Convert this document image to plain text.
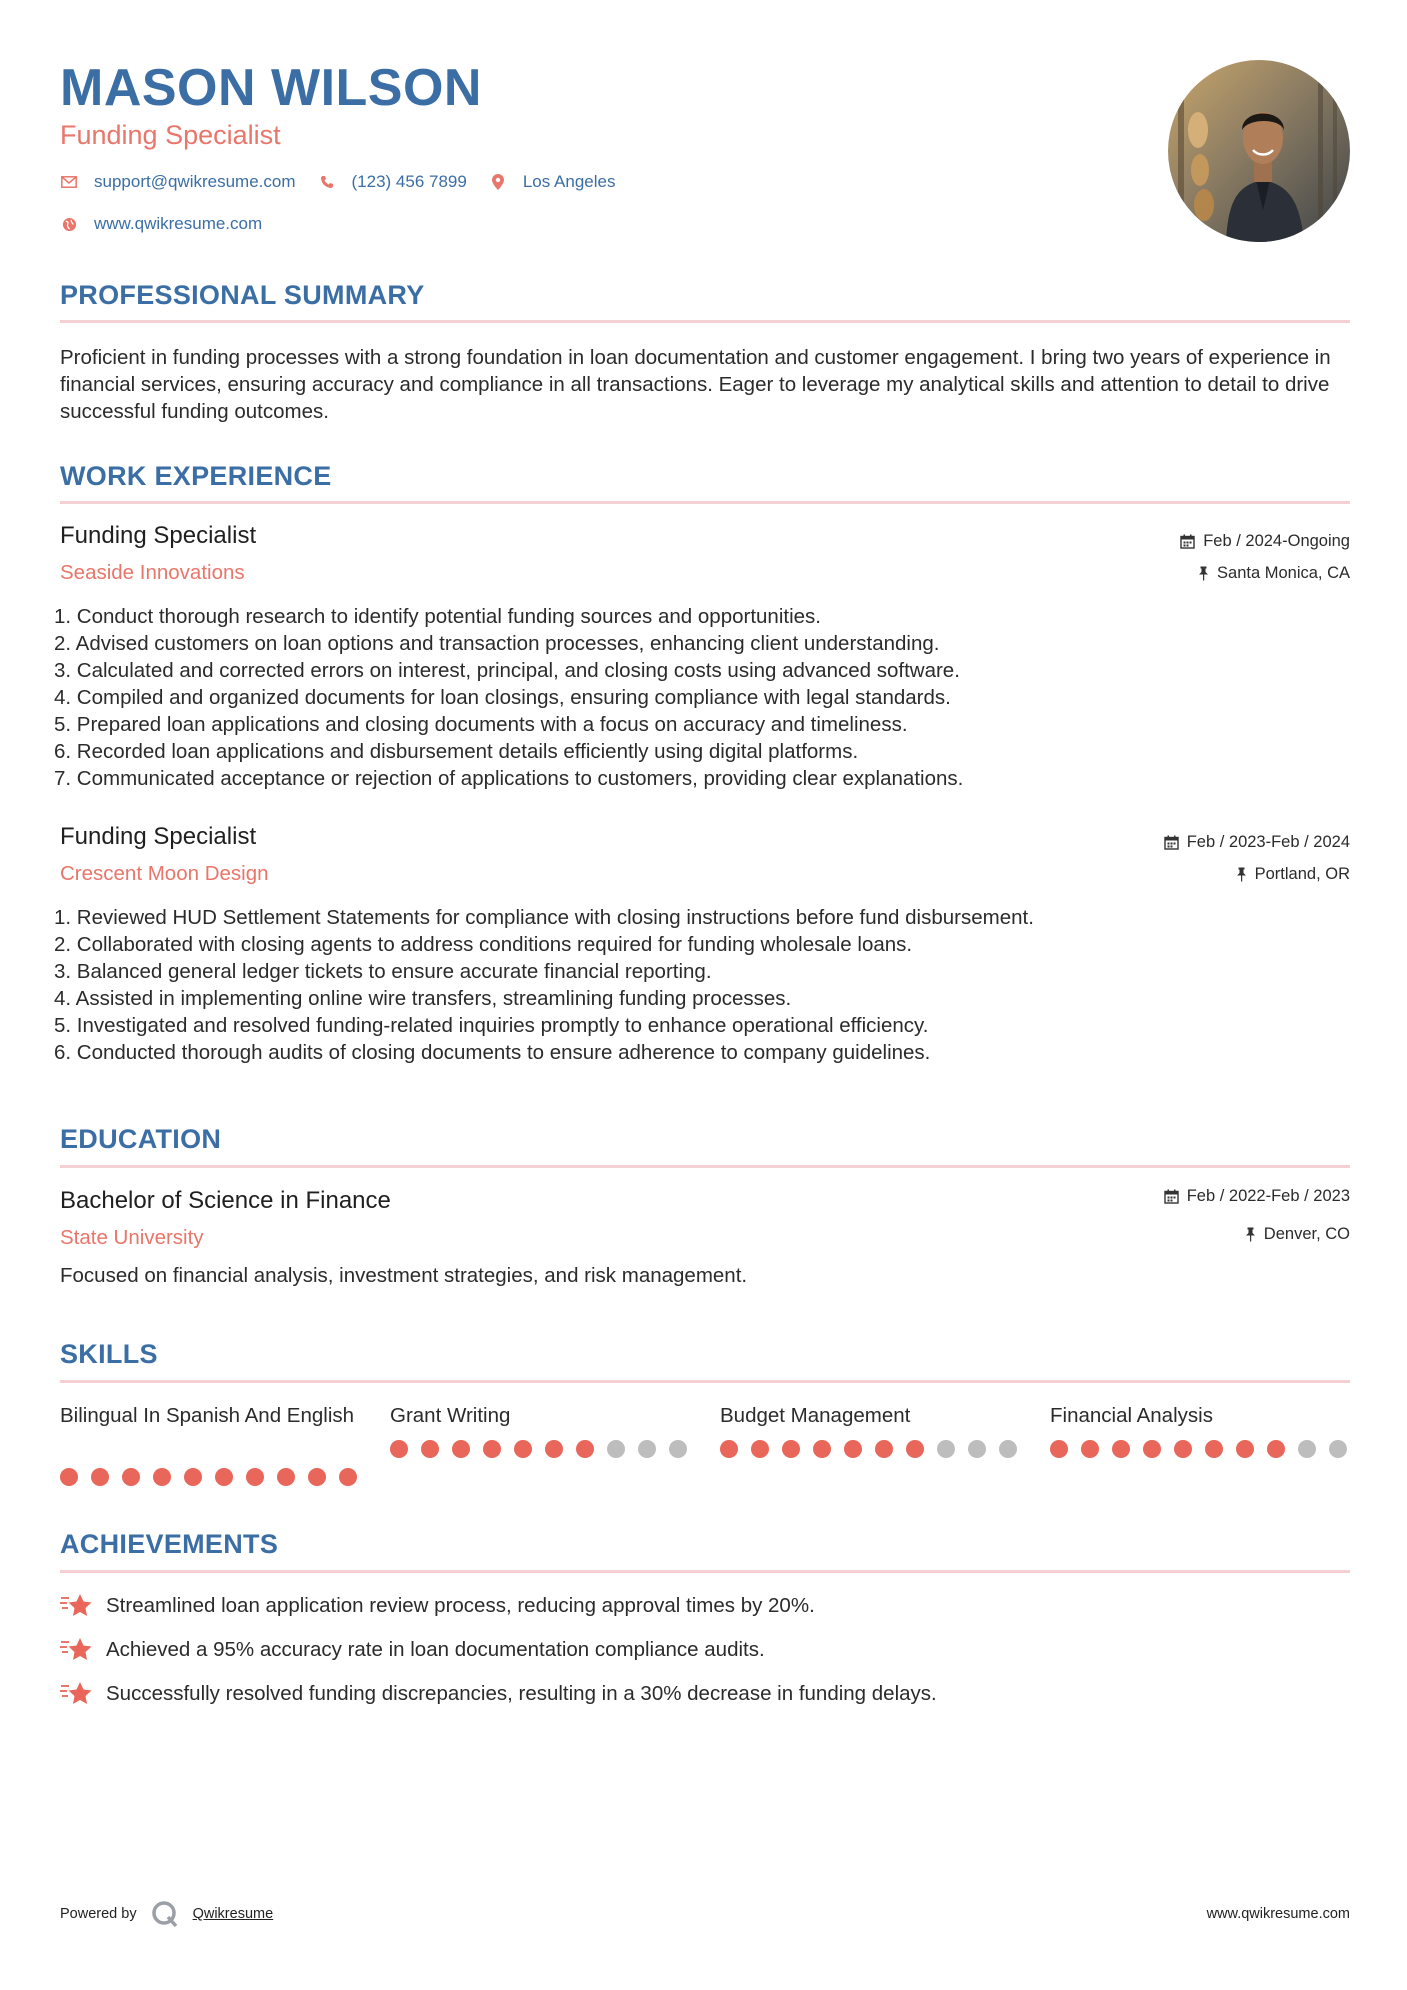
MASON WILSON
Funding Specialist
support@qwikresume.com	(123) 456 7899	Los Angeles
www.qwikresume.com
PROFESSIONAL SUMMARY
Proficient in funding processes with a strong foundation in loan documentation and customer engagement. I bring two years of experience in financial services, ensuring accuracy and compliance in all transactions. Eager to leverage my analytical skills and attention to detail to drive successful funding outcomes.
WORK EXPERIENCE
Funding Specialist
Seaside Innovations
Feb / 2024-Ongoing
Santa Monica, CA
1. Conduct thorough research to identify potential funding sources and opportunities.
2. Advised customers on loan options and transaction processes, enhancing client understanding.
3. Calculated and corrected errors on interest, principal, and closing costs using advanced software.
4. Compiled and organized documents for loan closings, ensuring compliance with legal standards.
5. Prepared loan applications and closing documents with a focus on accuracy and timeliness.
6. Recorded loan applications and disbursement details efficiently using digital platforms.
7. Communicated acceptance or rejection of applications to customers, providing clear explanations.
Funding Specialist
Crescent Moon Design
Feb / 2023-Feb / 2024
Portland, OR
1. Reviewed HUD Settlement Statements for compliance with closing instructions before fund disbursement.
2. Collaborated with closing agents to address conditions required for funding wholesale loans.
3. Balanced general ledger tickets to ensure accurate financial reporting.
4. Assisted in implementing online wire transfers, streamlining funding processes.
5. Investigated and resolved funding-related inquiries promptly to enhance operational efficiency.
6. Conducted thorough audits of closing documents to ensure adherence to company guidelines.
EDUCATION
Bachelor of Science in Finance
State University
Feb / 2022-Feb / 2023
Denver, CO
Focused on financial analysis, investment strategies, and risk management.
SKILLS
Bilingual In Spanish And English Grant Writing	Budget Management	Financial Analysis
ACHIEVEMENTS
Streamlined loan application review process, reducing approval times by 20%.
Achieved a 95% accuracy rate in loan documentation compliance audits.
Successfully resolved funding discrepancies, resulting in a 30% decrease in funding delays.
Powered by	Qwikresume	www.qwikresume.com
